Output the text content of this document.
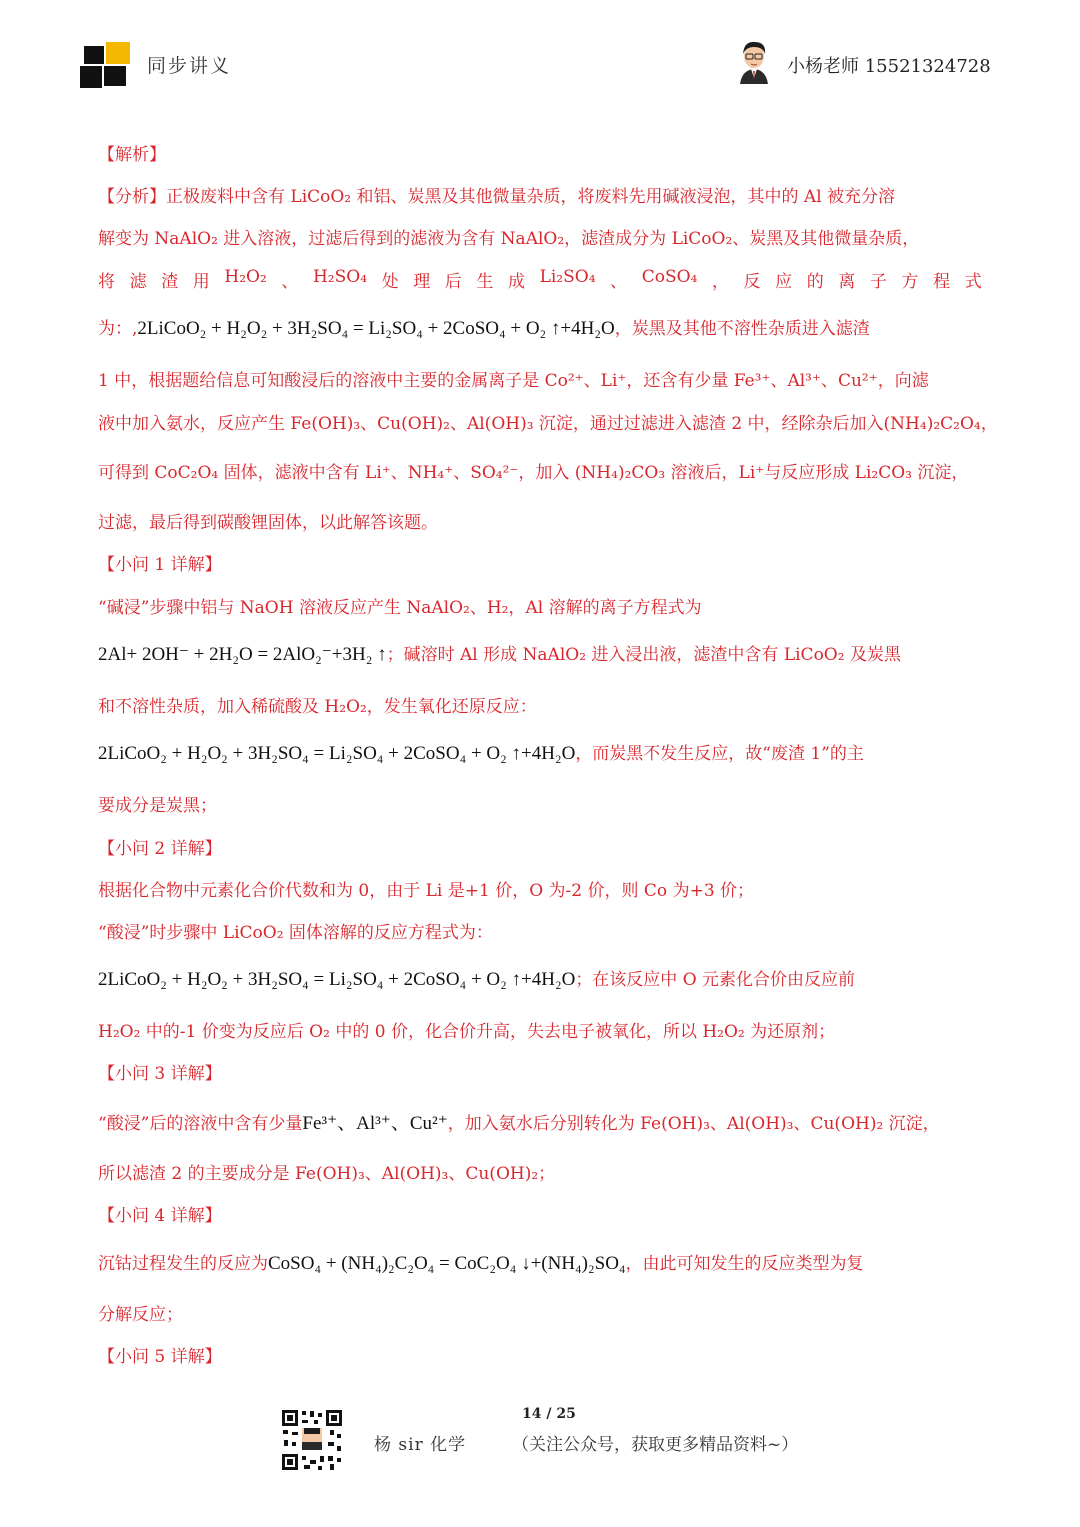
同步讲义	小杨老师 15521324728
【解析】
【分析】正极废料中含有 LiCoO₂ 和铝、炭黑及其他微量杂质，将废料先用碱液浸泡，其中的 Al 被充分溶
解变为 NaAlO₂ 进入溶液，过滤后得到的滤液为含有 NaAlO₂，滤渣成分为 LiCoO₂、炭黑及其他微量杂质，
将 滤 渣 用 H₂O₂ 、 H₂SO₄ 处 理 后 生 成 Li₂SO₄ 、 CoSO₄ ， 反 应 的 离 子 方 程 式
为：,2LiCoO₂ + H₂O₂ + 3H₂SO₄ = Li₂SO₄ + 2CoSO₄ + O₂ ↑+4H₂O，炭黑及其他不溶性杂质进入滤渣
1 中，根据题给信息可知酸浸后的溶液中主要的金属离子是 Co²⁺、Li⁺，还含有少量 Fe³⁺、Al³⁺、Cu²⁺，向滤
液中加入氨水，反应产生 Fe(OH)₃、Cu(OH)₂、Al(OH)₃ 沉淀，通过过滤进入滤渣 2 中，经除杂后加入(NH₄)₂C₂O₄，
可得到 CoC₂O₄ 固体，滤液中含有 Li⁺、NH₄⁺、SO₄²⁻，加入 (NH₄)₂CO₃ 溶液后，Li⁺与反应形成 Li₂CO₃ 沉淀，
过滤，最后得到碳酸锂固体，以此解答该题。
【小问 1 详解】
“碱浸”步骤中铝与 NaOH 溶液反应产生 NaAlO₂、H₂，Al 溶解的离子方程式为
2Al+ 2OH⁻ + 2H₂O = 2AlO₂⁻+3H₂ ↑；碱溶时 Al 形成 NaAlO₂ 进入浸出液，滤渣中含有 LiCoO₂ 及炭黑
和不溶性杂质，加入稀硫酸及 H₂O₂，发生氧化还原反应：
2LiCoO₂ + H₂O₂ + 3H₂SO₄ = Li₂SO₄ + 2CoSO₄ + O₂ ↑+4H₂O，而炭黑不发生反应，故“废渣 1”的主
要成分是炭黑；
【小问 2 详解】
根据化合物中元素化合价代数和为 0，由于 Li 是+1 价，O 为-2 价，则 Co 为+3 价；
“酸浸”时步骤中 LiCoO₂ 固体溶解的反应方程式为：
2LiCoO₂ + H₂O₂ + 3H₂SO₄ = Li₂SO₄ + 2CoSO₄ + O₂ ↑+4H₂O；在该反应中 O 元素化合价由反应前
H₂O₂ 中的-1 价变为反应后 O₂ 中的 0 价，化合价升高，失去电子被氧化，所以 H₂O₂ 为还原剂；
【小问 3 详解】
“酸浸”后的溶液中含有少量Fe³⁺、Al³⁺、Cu²⁺，加入氨水后分别转化为 Fe(OH)₃、Al(OH)₃、Cu(OH)₂ 沉淀，
所以滤渣 2 的主要成分是 Fe(OH)₃、Al(OH)₃、Cu(OH)₂；
【小问 4 详解】
沉钴过程发生的反应为CoSO₄ + (NH₄)₂C₂O₄ = CoC₂O₄ ↓+(NH₄)₂SO₄，由此可知发生的反应类型为复
分解反应；
【小问 5 详解】
14 / 25
杨 sir 化学	（关注公众号，获取更多精品资料~）
